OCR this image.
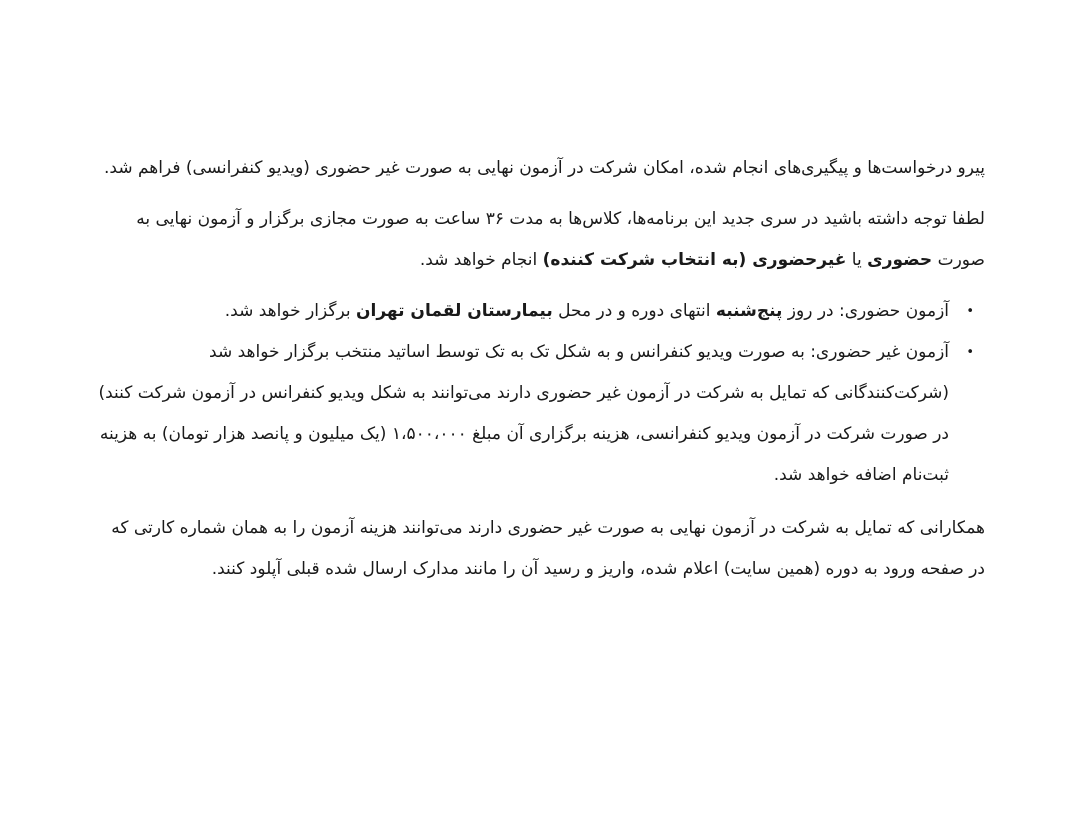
پیرو درخواست‌ها و پیگیری‌های انجام شده، امکان شرکت در آزمون نهایی به صورت غیر حضوری (ویدیو کنفرانسی) فراهم شد.

لطفا توجه داشته باشید در سری جدید این برنامه‌ها، کلاس‌ها به مدت ۳۶ ساعت به صورت مجازی برگزار و آزمون نهایی به صورت حضوری یا غیرحضوری (به انتخاب شرکت کننده) انجام خواهد شد.

•
آزمون حضوری: در روز پنج‌شنبه انتهای دوره و در محل بیمارستان لقمان تهران برگزار خواهد شد.
•
آزمون غیر حضوری: به صورت ویدیو کنفرانس و به شکل تک به تک توسط اساتید منتخب برگزار خواهد شد (شرکت‌کنندگانی که تمایل به شرکت در آزمون غیر حضوری دارند می‌توانند به شکل ویدیو کنفرانس در آزمون شرکت کنند) در صورت شرکت در آزمون ویدیو کنفرانسی، هزینه برگزاری آن مبلغ ۱،۵۰۰،۰۰۰ (یک میلیون و پانصد هزار تومان) به هزینه ثبت‌نام اضافه خواهد شد.

همکارانی که تمایل به شرکت در آزمون نهایی به صورت غیر حضوری دارند می‌توانند هزینه آزمون را به همان شماره کارتی که در صفحه ورود به دوره (همین سایت) اعلام شده، واریز و رسید آن را مانند مدارک ارسال شده قبلی آپلود کنند.
